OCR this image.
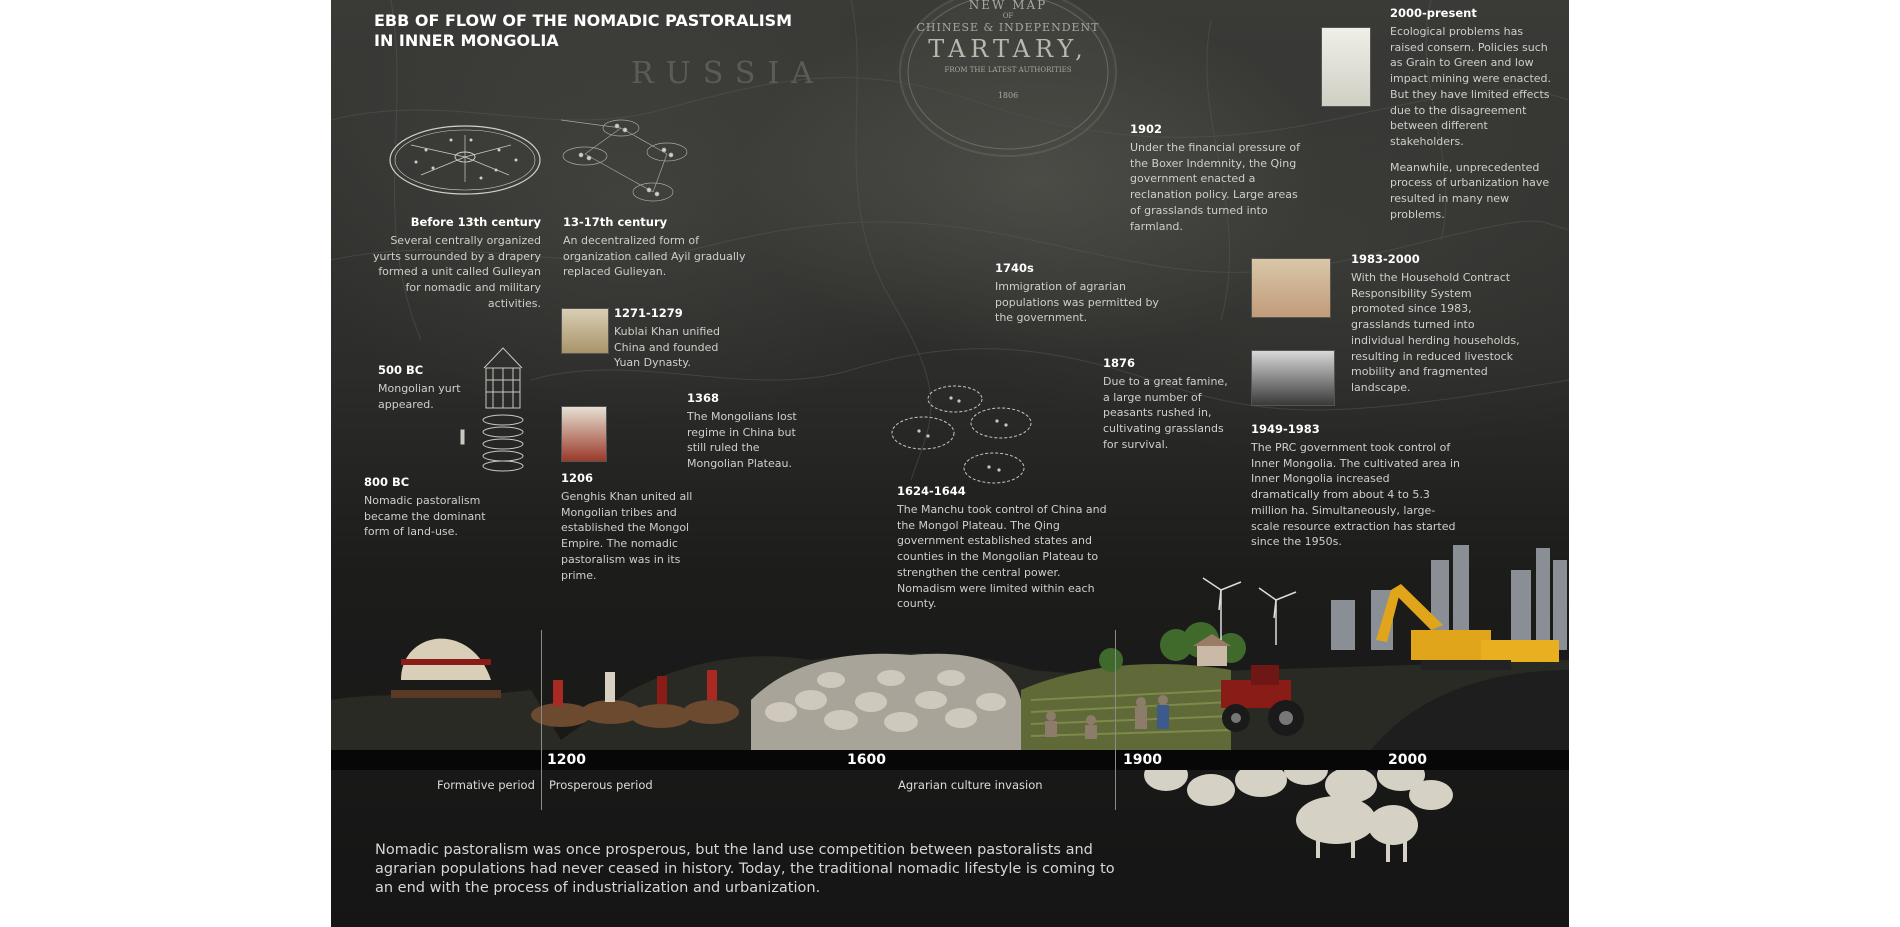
NEW MAP
OF
CHINESE & INDEPENDENT
TARTARY,
FROM THE LATEST AUTHORITIES
1806
RUSSIA
EBB OF FLOW OF THE NOMADIC PASTORALISM IN INNER MONGOLIA
Before 13th century
Several centrally organized yurts surrounded by a drapery formed a unit called Gulieyan for nomadic and military activities.
13-17th century
An decentralized form of organization called Ayil gradually replaced Gulieyan.
1271-1279
Kublai Khan unified China and founded Yuan Dynasty.
500 BC
Mongolian yurt appeared.	1368
The Mongolians lost regime in China but still ruled the Mongolian Plateau.
800 BC
Nomadic pastoralism became the dominant form of land-use.
1206
Genghis Khan united all Mongolian tribes and established the Mongol Empire. The nomadic pastoralism was in its prime.
1740s
Immigration of agrarian populations was permitted by the government.
1876
Due to a great famine, a large number of peasants rushed in, cultivating grasslands for survival.
1624-1644
The Manchu took control of China and the Mongol Plateau. The Qing government established states and counties in the Mongolian Plateau to strengthen the central power. Nomadism were limited within each county.
1902
Under the financial pressure of the Boxer Indemnity, the Qing government enacted a reclanation policy. Large areas of grasslands turned into farmland.
2000-present
Ecological problems has raised consern. Policies such as Grain to Green and low impact mining were enacted. But they have limited effects due to the disagreement between different stakeholders.
Meanwhile, unprecedented process of urbanization have resulted in many new problems.
1983-2000
With the Household Contract Responsibility System promoted since 1983, grasslands turned into individual herding households, resulting in reduced livestock mobility and fragmented landscape.
1949-1983
The PRC government took control of Inner Mongolia. The cultivated area in Inner Mongolia increased dramatically from about 4 to 5.3 million ha. Simultaneously, large-scale resource extraction has started since the 1950s.
1200	1600	1900	2000
Formative period Prosperous period	Agrarian culture invasion
Nomadic pastoralism was once prosperous, but the land use competition between pastoralists and agrarian populations had never ceased in history. Today, the traditional nomadic lifestyle is coming to an end with the process of industrialization and urbanization.
